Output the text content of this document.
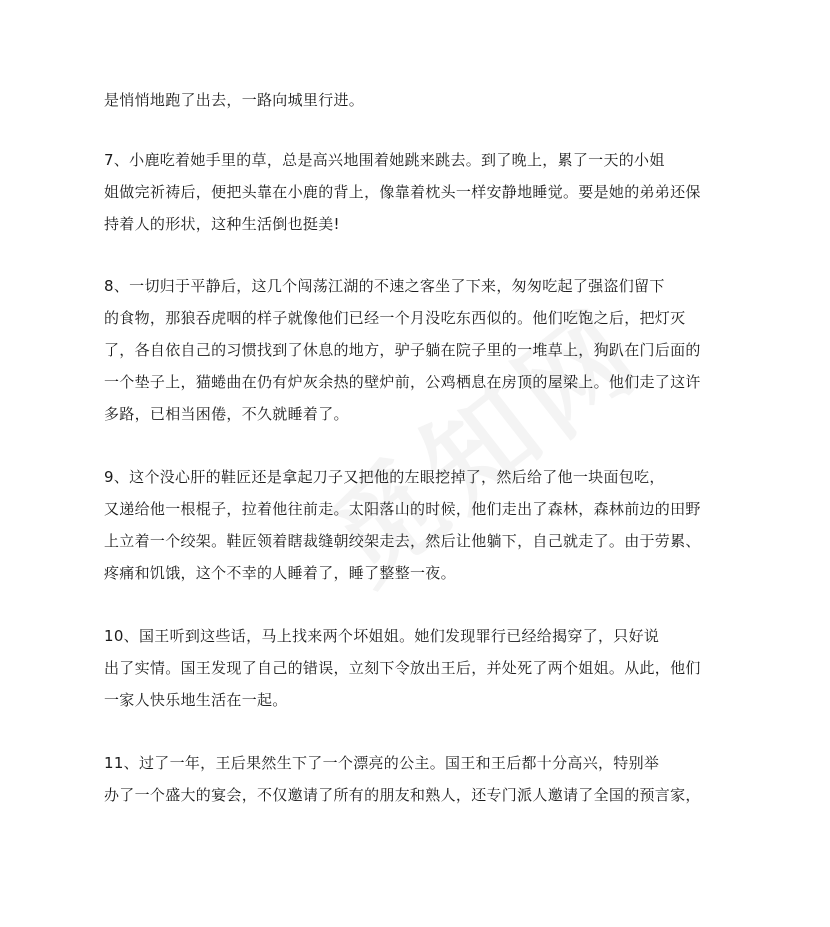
是悄悄地跑了出去，一路向城里行进。
7、小鹿吃着她手里的草，总是高兴地围着她跳来跳去。到了晚上，累了一天的小姐
姐做完祈祷后，便把头靠在小鹿的背上，像靠着枕头一样安静地睡觉。要是她的弟弟还保
持着人的形状，这种生活倒也挺美!
8、一切归于平静后，这几个闯荡江湖的不速之客坐了下来，匆匆吃起了强盗们留下
的食物，那狼吞虎咽的样子就像他们已经一个月没吃东西似的。他们吃饱之后，把灯灭
了，各自依自己的习惯找到了休息的地方，驴子躺在院子里的一堆草上，狗趴在门后面的
一个垫子上，猫蜷曲在仍有炉灰余热的壁炉前，公鸡栖息在房顶的屋梁上。他们走了这许
多路，已相当困倦，不久就睡着了。
9、这个没心肝的鞋匠还是拿起刀子又把他的左眼挖掉了，然后给了他一块面包吃，
又递给他一根棍子，拉着他往前走。太阳落山的时候，他们走出了森林，森林前边的田野
上立着一个绞架。鞋匠领着瞎裁缝朝绞架走去，然后让他躺下，自己就走了。由于劳累、
疼痛和饥饿，这个不幸的人睡着了，睡了整整一夜。
10、国王听到这些话，马上找来两个坏姐姐。她们发现罪行已经给揭穿了，只好说
出了实情。国王发现了自己的错误，立刻下令放出王后，并处死了两个姐姐。从此，他们
一家人快乐地生活在一起。
11、过了一年，王后果然生下了一个漂亮的公主。国王和王后都十分高兴，特别举
办了一个盛大的宴会，不仅邀请了所有的朋友和熟人，还专门派人邀请了全国的预言家，
